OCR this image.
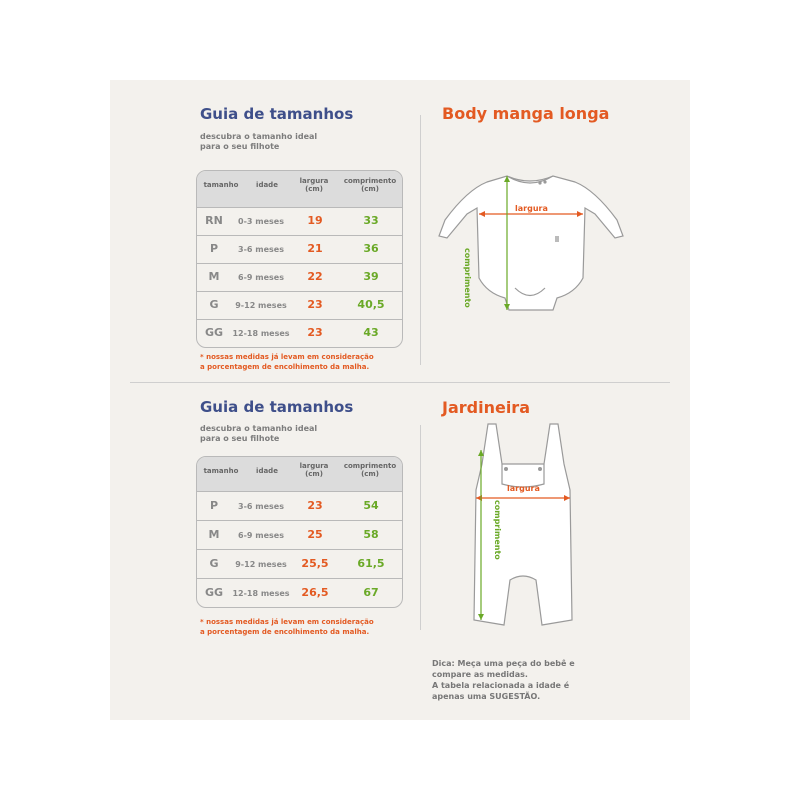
Guia de tamanhos
descubra o tamanho ideal
para o seu filhote
tamanho	idade	largura
(cm)
comprimento
(cm)
RN	0-3 meses	19	33
P	3-6 meses	21	36
M	6-9 meses	22	39
G	9-12 meses	23	40,5
GG	12-18 meses	23	43
* nossas medidas já levam em consideração
a porcentagem de encolhimento da malha.
Body manga longa
largura
comprimento
Guia de tamanhos
descubra o tamanho ideal
para o seu filhote
tamanho	idade
largura
(cm)
comprimento
(cm)
P	3-6 meses	23	54
M	6-9 meses	25	58
G	9-12 meses	25,5	61,5
GG	12-18 meses	26,5	67
* nossas medidas já levam em consideração
a porcentagem de encolhimento da malha.
Jardineira
largura
comprimento
Dica: Meça uma peça do bebê e
compare as medidas.
A tabela relacionada a idade é
apenas uma SUGESTÃO.
